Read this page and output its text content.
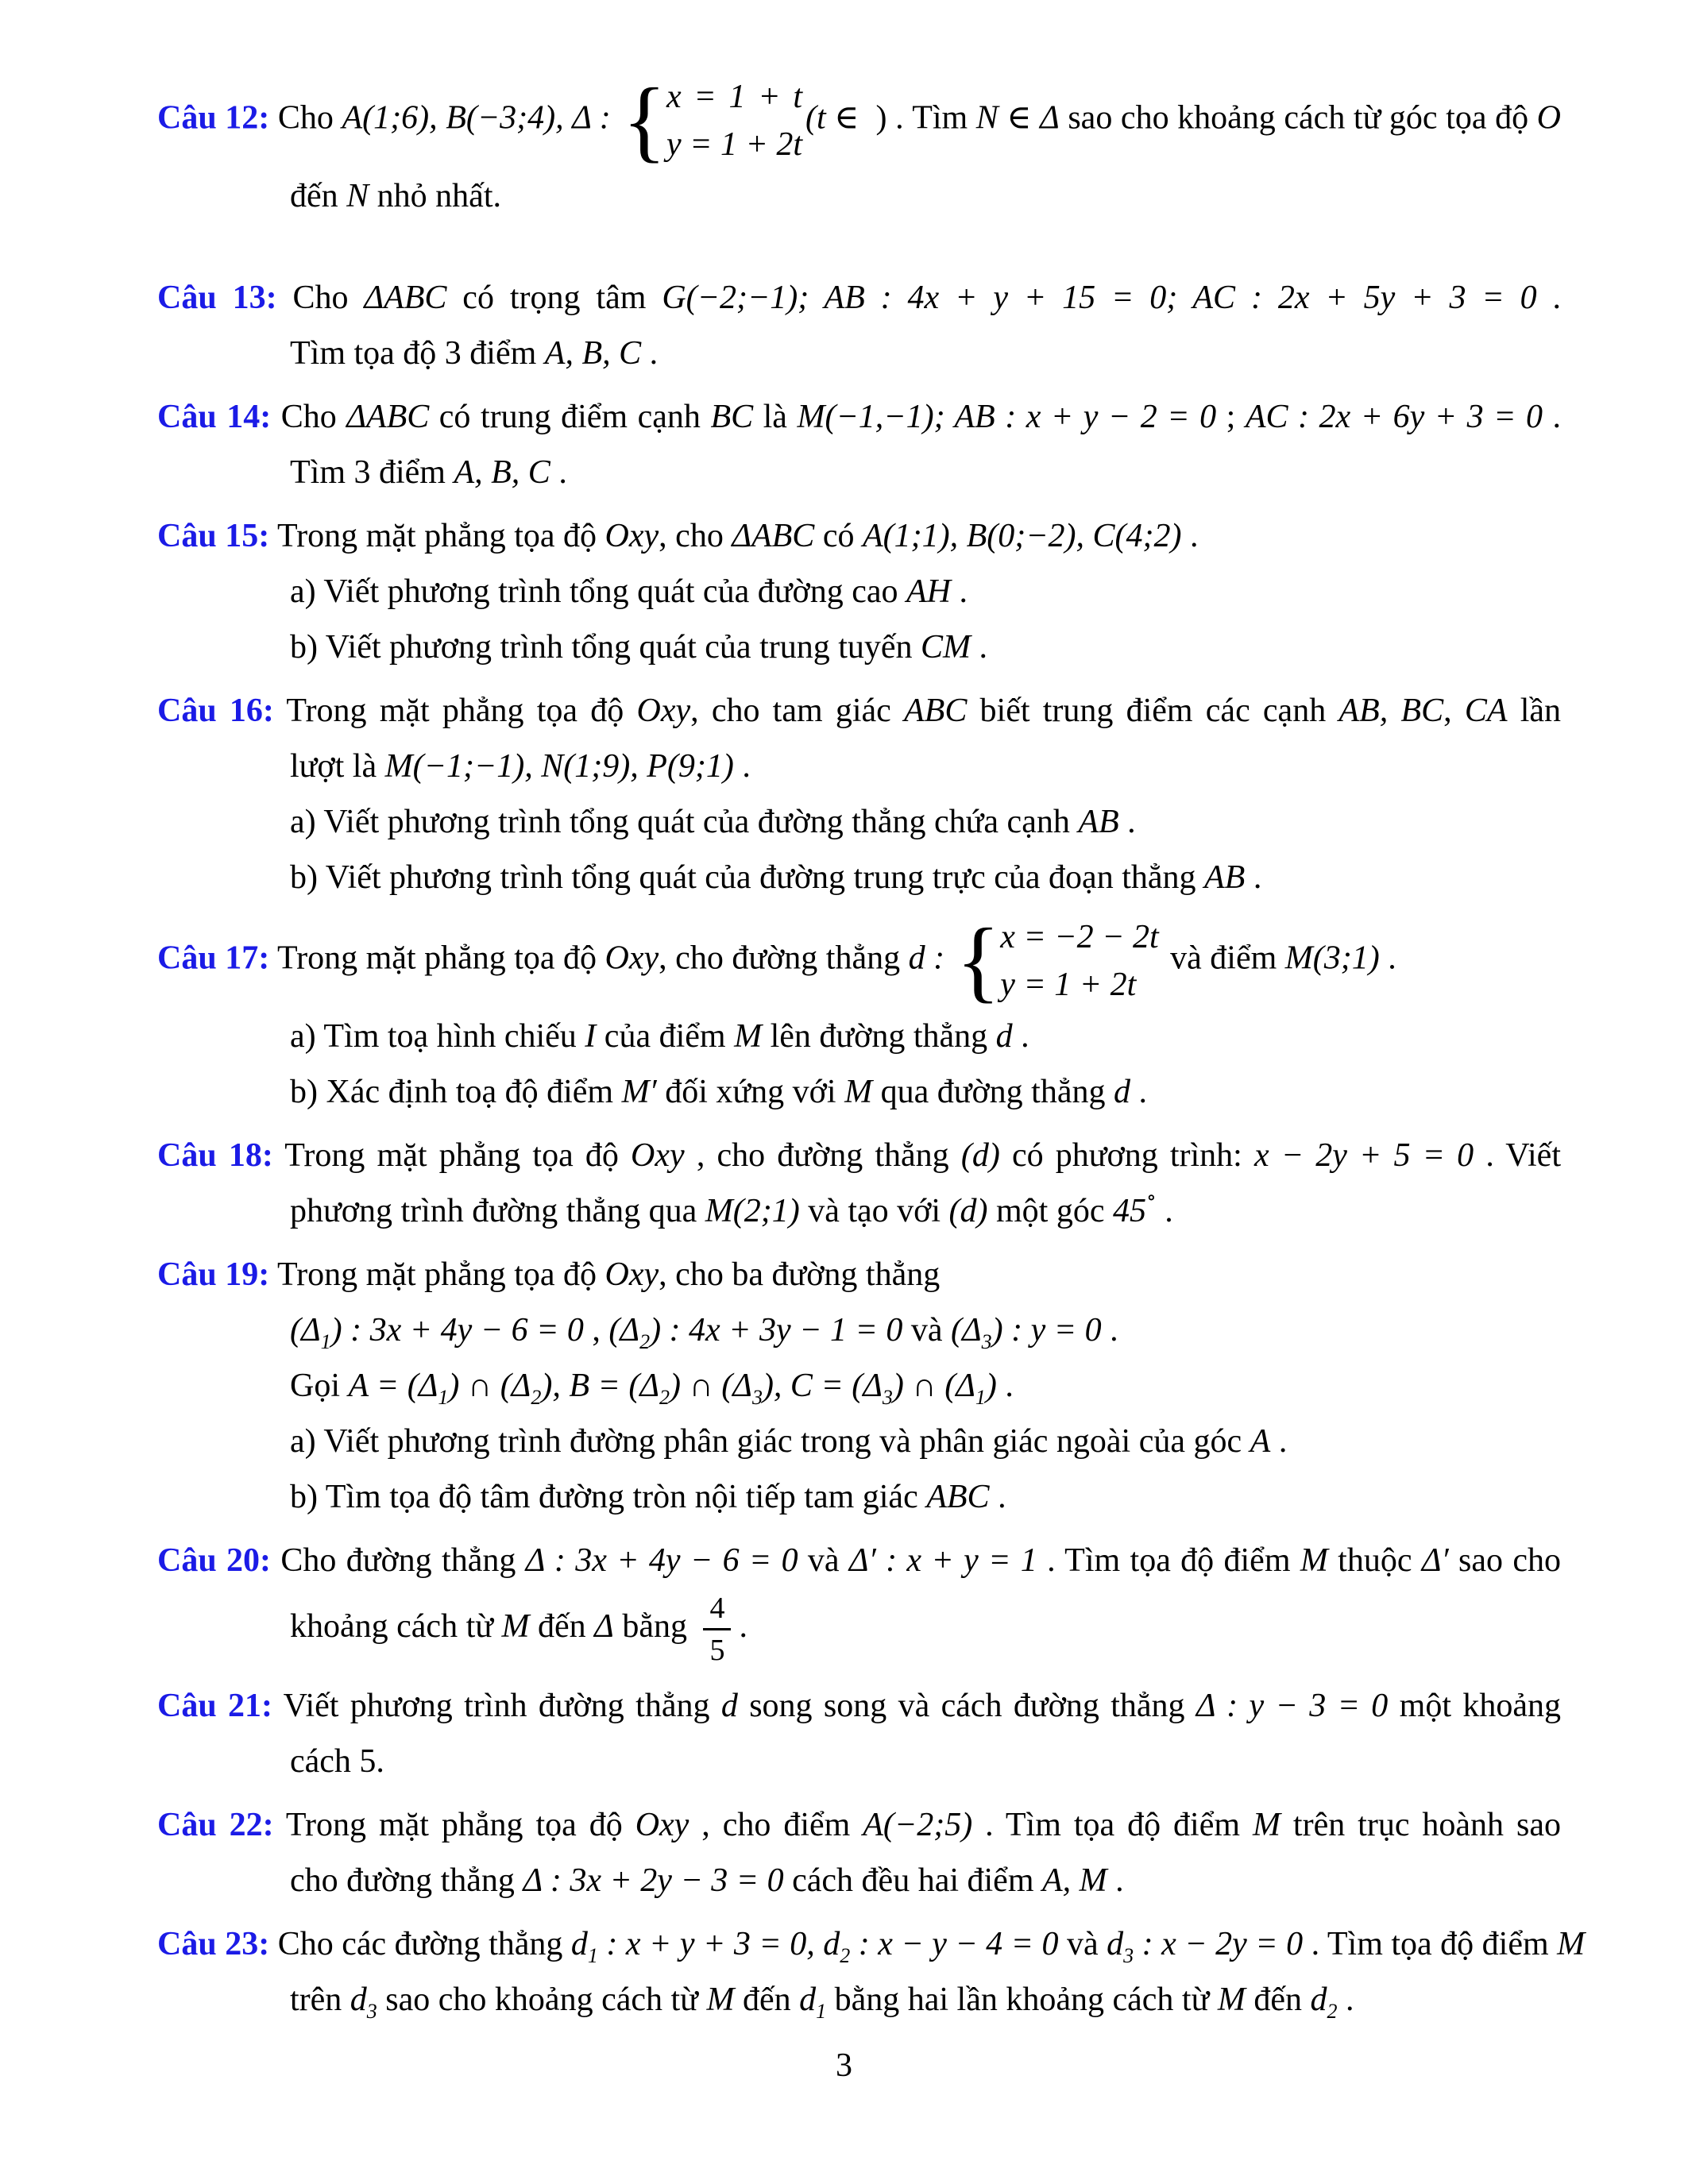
Câu 12: Cho A(1;6), B(−3;4), Δ : { x = 1 + t
y = 1 + 2t
(t ∈  ) . Tìm N ∈ Δ sao cho khoảng cách từ góc tọa độ O
đến N nhỏ nhất.
Câu 13: Cho ΔABC có trọng tâm G(−2;−1); AB : 4x + y + 15 = 0; AC : 2x + 5y + 3 = 0 .
Tìm tọa độ 3 điểm A, B, C .
Câu 14: Cho ΔABC có trung điểm cạnh BC là M(−1,−1); AB : x + y − 2 = 0 ; AC : 2x + 6y + 3 = 0 .
Tìm 3 điểm A, B, C .
Câu 15: Trong mặt phẳng tọa độ Oxy, cho ΔABC có A(1;1), B(0;−2), C(4;2) .
a) Viết phương trình tổng quát của đường cao AH .
b) Viết phương trình tổng quát của trung tuyến CM .
Câu 16: Trong mặt phẳng tọa độ Oxy, cho tam giác ABC biết trung điểm các cạnh AB, BC, CA lần
lượt là M(−1;−1), N(1;9), P(9;1) .
a) Viết phương trình tổng quát của đường thẳng chứa cạnh AB .
b) Viết phương trình tổng quát của đường trung trực của đoạn thẳng AB .
Câu 17: Trong mặt phẳng tọa độ Oxy, cho đường thẳng d : { x = −2 − 2t
y = 1 + 2t
và điểm M(3;1) .
a) Tìm toạ hình chiếu I của điểm M lên đường thẳng d .
b) Xác định toạ độ điểm M′ đối xứng với M qua đường thẳng d .
Câu 18: Trong mặt phẳng tọa độ Oxy , cho đường thẳng (d) có phương trình: x − 2y + 5 = 0 . Viết
phương trình đường thẳng qua M(2;1) và tạo với (d) một góc 45∘ .
Câu 19: Trong mặt phẳng tọa độ Oxy, cho ba đường thẳng
$(\Delta_1)$ : 3x + 4y − 6 = 0 , $(\Delta_2)$ : 4x + 3y − 1 = 0 và $(\Delta_3)$ : y = 0 .
Gọi $A = (\Delta_1)$ ∩ $(\Delta_2)$, $B = (\Delta_2)$ ∩ $(\Delta_3)$, $C = (\Delta_3)$ ∩ $(\Delta_1)$ .
a) Viết phương trình đường phân giác trong và phân giác ngoài của góc A .
b) Tìm tọa độ tâm đường tròn nội tiếp tam giác ABC .
Câu 20: Cho đường thẳng Δ : 3x + 4y − 6 = 0 và Δ′ : x + y = 1 . Tìm tọa độ điểm M thuộc Δ′ sao cho
khoảng cách từ M đến Δ bằng $\frac{4}{5}$ .
Câu 21: Viết phương trình đường thẳng d song song và cách đường thẳng Δ : y − 3 = 0 một khoảng
cách 5.
Câu 22: Trong mặt phẳng tọa độ Oxy , cho điểm A(−2;5) . Tìm tọa độ điểm M trên trục hoành sao
cho đường thẳng Δ : 3x + 2y − 3 = 0 cách đều hai điểm A, M .
Câu 23: Cho các đường thẳng $d_1$ : x + y + 3 = 0, $d_2$ : x − y − 4 = 0 và $d_3$ : x − 2y = 0 . Tìm tọa độ điểm M
trên $d_3$ sao cho khoảng cách từ M đến $d_1$ bằng hai lần khoảng cách từ M đến $d_2$ .
3
